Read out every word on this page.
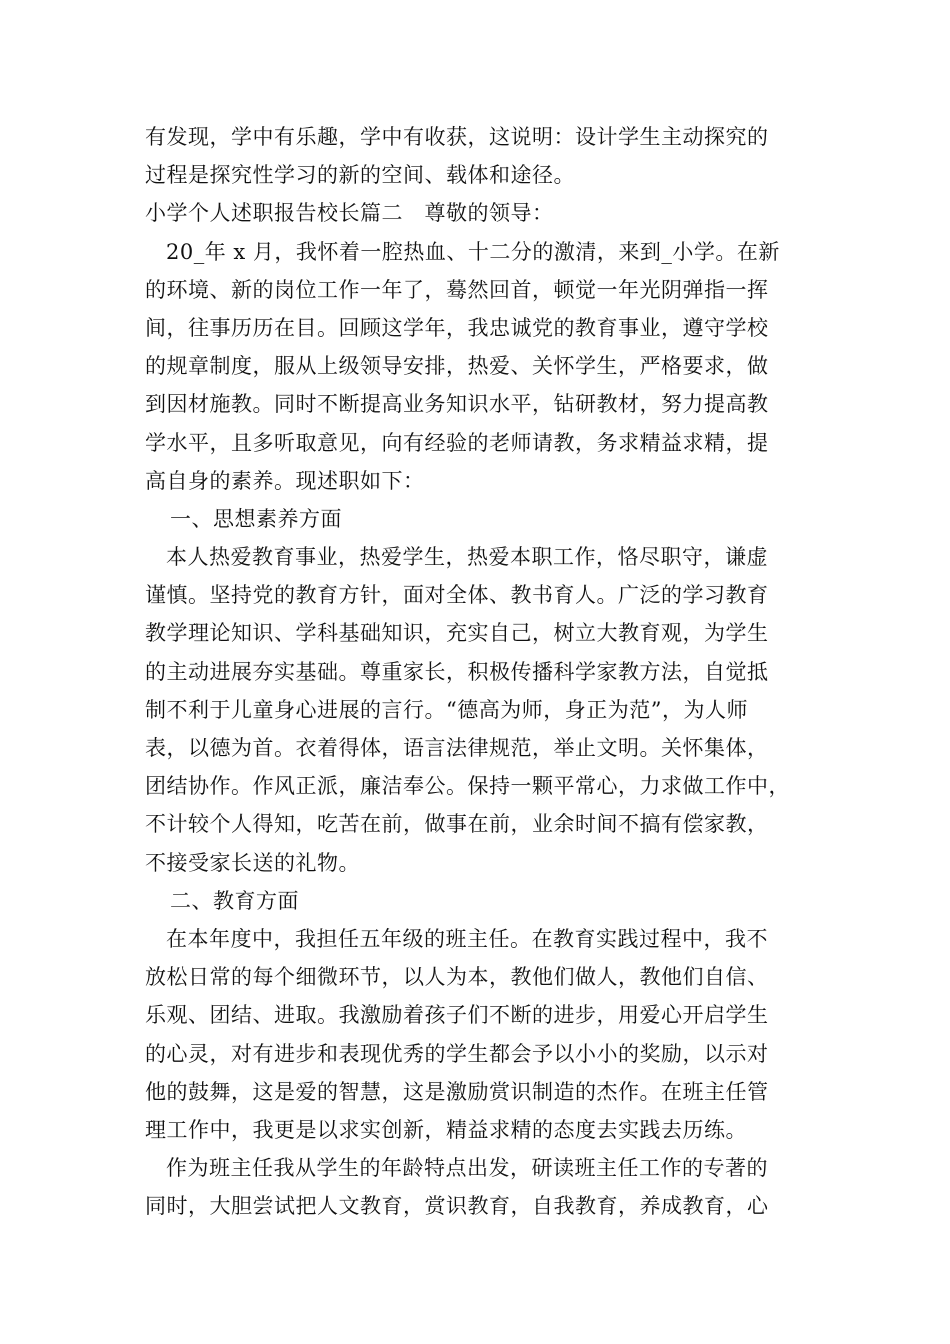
有发现，学中有乐趣，学中有收获，这说明：设计学生主动探究的
过程是探究性学习的新的空间、载体和途径。
小学个人述职报告校长篇二　尊敬的领导：
20_年 x 月，我怀着一腔热血、十二分的激清，来到_小学。在新
的环境、新的岗位工作一年了，蓦然回首，顿觉一年光阴弹指一挥
间，往事历历在目。回顾这学年，我忠诚党的教育事业，遵守学校
的规章制度，服从上级领导安排，热爱、关怀学生，严格要求，做
到因材施教。同时不断提高业务知识水平，钻研教材，努力提高教
学水平，且多听取意见，向有经验的老师请教，务求精益求精，提
高自身的素养。现述职如下：
一、思想素养方面
本人热爱教育事业，热爱学生，热爱本职工作，恪尽职守，谦虚
谨慎。坚持党的教育方针，面对全体、教书育人。广泛的学习教育
教学理论知识、学科基础知识，充实自己，树立大教育观，为学生
的主动进展夯实基础。尊重家长，积极传播科学家教方法，自觉抵
制不利于儿童身心进展的言行。“德高为师，身正为范”，为人师
表，以德为首。衣着得体，语言法律规范，举止文明。关怀集体，
团结协作。作风正派，廉洁奉公。保持一颗平常心，力求做工作中，
不计较个人得知，吃苦在前，做事在前，业余时间不搞有偿家教，
不接受家长送的礼物。
二、教育方面
在本年度中，我担任五年级的班主任。在教育实践过程中，我不
放松日常的每个细微环节，以人为本，教他们做人，教他们自信、
乐观、团结、进取。我激励着孩子们不断的进步，用爱心开启学生
的心灵，对有进步和表现优秀的学生都会予以小小的奖励，以示对
他的鼓舞，这是爱的智慧，这是激励赏识制造的杰作。在班主任管
理工作中，我更是以求实创新，精益求精的态度去实践去历练。
作为班主任我从学生的年龄特点出发，研读班主任工作的专著的
同时，大胆尝试把人文教育，赏识教育，自我教育，养成教育，心
